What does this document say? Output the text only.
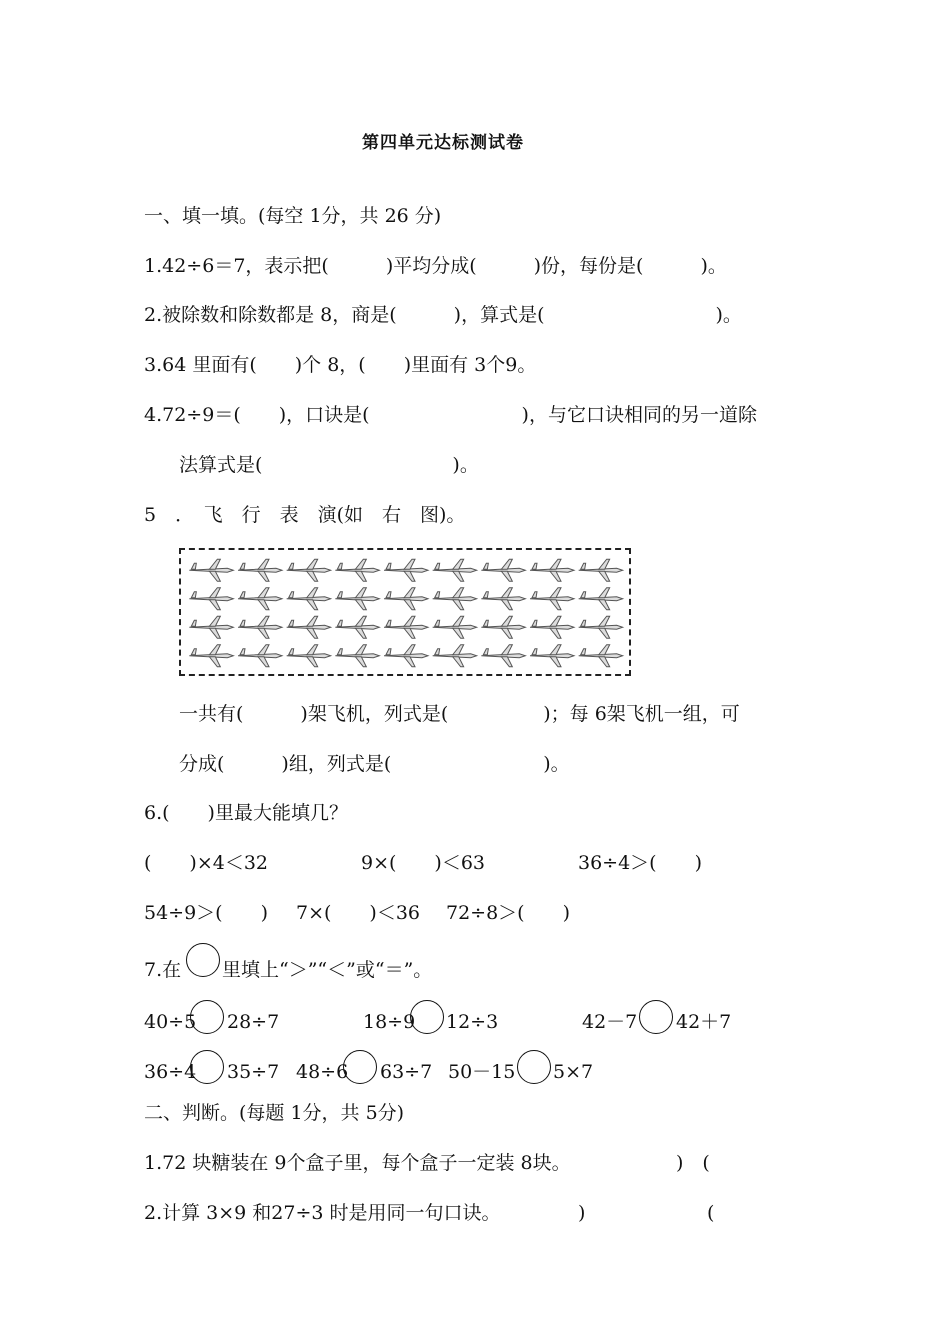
第四单元达标测试卷
一、填一填。(每空 1分，共 26 分)
1.42÷6＝7，表示把(　　　)平均分成(　　　)份，每份是(　　　)。
2.被除数和除数都是 8，商是(　　　)，算式是(　　　　　　　　　)。
3.64 里面有(　　)个 8，(　　)里面有 3个9。
4.72÷9＝(　　)，口诀是(　　　　　　　　)，与它口诀相同的另一道除
法算式是(　　　　　　　　　　)。
5　．　飞　行　表　演(如　右　图)。
一共有(　　　)架飞机，列式是(　　　　　)；每 6架飞机一组，可
分成(　　　)组，列式是(　　　　　　　　)。
6.(　　)里最大能填几？
(　　)×4＜32	9×(　　)＜63	36÷4＞(　　)
54÷9＞(　　) 7×(　　)＜36 72÷8＞(　　)
7.在 里填上“＞”“＜”或“＝”。
40÷5 28÷7	18÷9 12÷3	42－7 42＋7
36÷4 35÷7 48÷6 63÷7 50－15 5×7
二、判断。(每题 1分，共 5分)
1.72 块糖装在 9个盒子里，每个盒子一定装 8块。	)　(
2.计算 3×9 和27÷3 时是用同一句口诀。	)	(
